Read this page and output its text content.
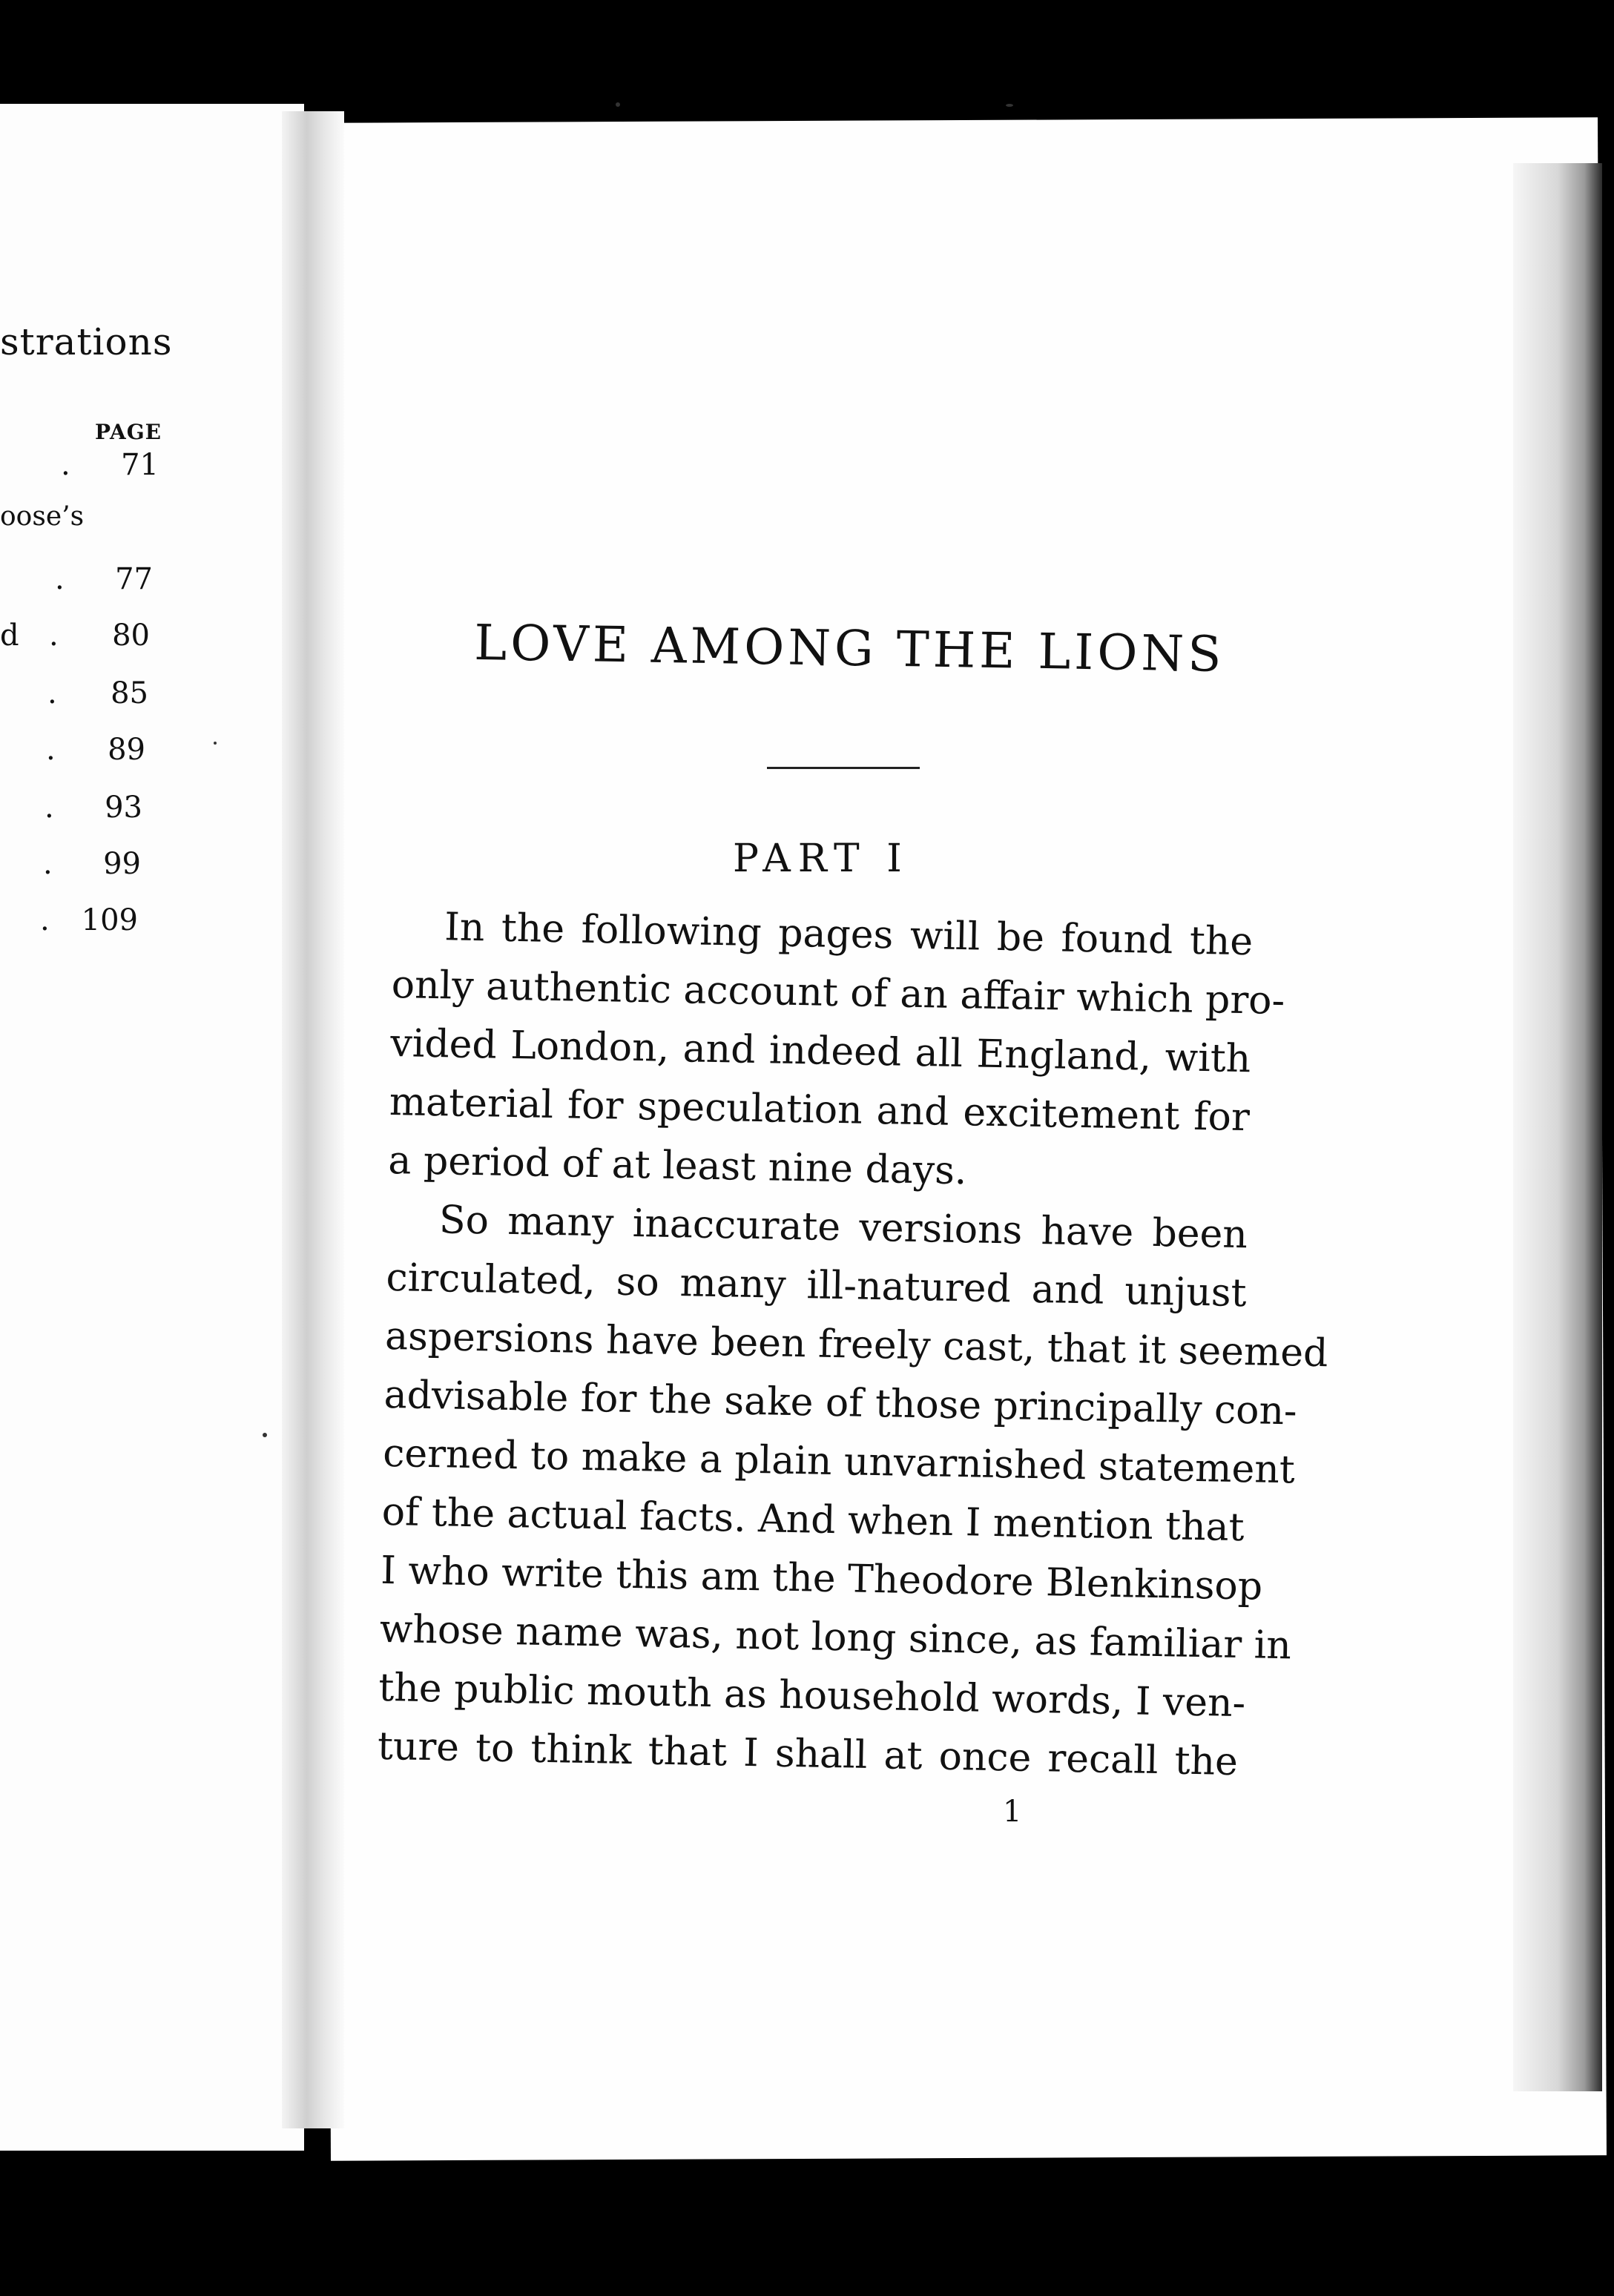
strations
PAGE
.	71
oose’s
.	77
d .	80
.	85
.	89
.	93
.	99
.	109
LOVE AMONG THE LIONS
PART I
In the following pages will be found the
only authentic account of an affair which pro-
vided London, and indeed all England, with
material for speculation and excitement for
a period of at least nine days.
So many inaccurate versions have been
circulated, so many ill-natured and unjust
aspersions have been freely cast, that it seemed
advisable for the sake of those principally con-
cerned to make a plain unvarnished statement
of the actual facts. And when I mention that
I who write this am the Theodore Blenkinsop
whose name was, not long since, as familiar in
the public mouth as household words, I ven-
ture to think that I shall at once recall the
1
